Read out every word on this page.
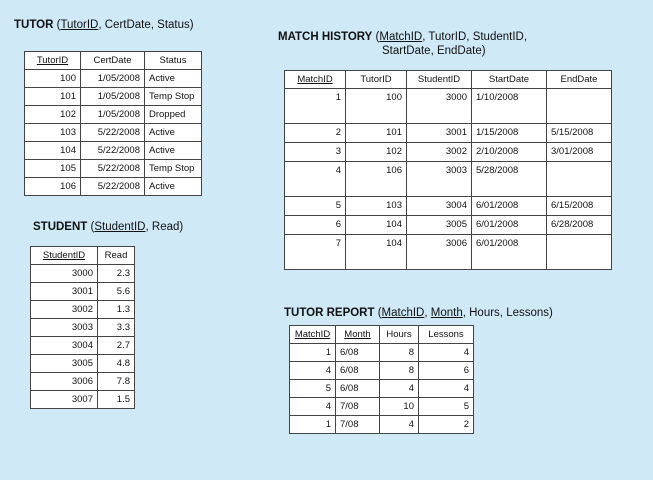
TUTOR (TutorID, CertDate, Status)
TutorID	CertDate	Status
100	1/05/2008	Active
101	1/05/2008	Temp Stop
102	1/05/2008	Dropped
103	5/22/2008	Active
104	5/22/2008	Active
105	5/22/2008	Temp Stop
106	5/22/2008	Active
STUDENT (StudentID, Read)
StudentID	Read
3000	2.3
3001	5.6
3002	1.3
3003	3.3
3004	2.7
3005	4.8
3006	7.8
3007	1.5
MATCH HISTORY (MatchID, TutorID, StudentID,
StartDate, EndDate)
MatchID	TutorID	StudentID	StartDate	EndDate
1	100	3000	1/10/2008	
2	101	3001	1/15/2008	5/15/2008
3	102	3002	2/10/2008	3/01/2008
4	106	3003	5/28/2008	
5	103	3004	6/01/2008	6/15/2008
6	104	3005	6/01/2008	6/28/2008
7	104	3006	6/01/2008	
TUTOR REPORT (MatchID, Month, Hours, Lessons)
MatchID	Month	Hours	Lessons
1	6/08	8	4
4	6/08	8	6
5	6/08	4	4
4	7/08	10	5
1	7/08	4	2
